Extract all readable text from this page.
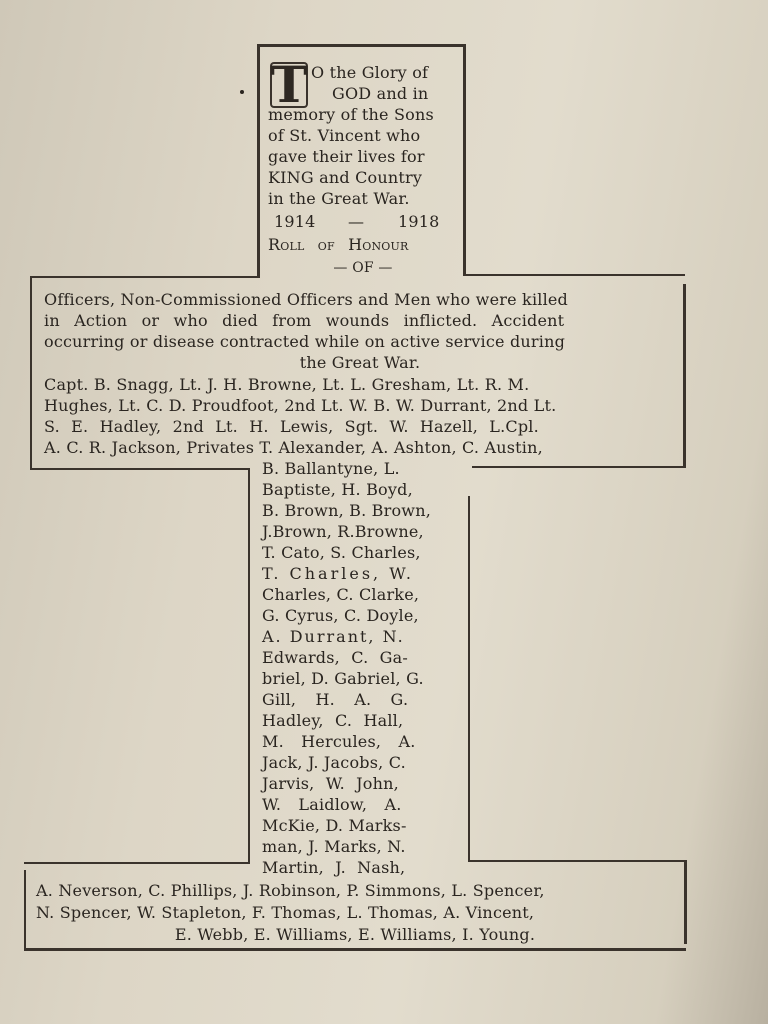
T O the Glory of
GOD and in
memory of the Sons
of St. Vincent who
gave their lives for
KING and Country
in the Great War.
1914 — 1918
Roll of Honour
— OF —
Officers, Non-Commissioned Officers and Men who were killed
in Action or who died from wounds inflicted. Accident
occurring or disease contracted while on active service during
the Great War.
Capt. B. Snagg, Lt. J. H. Browne, Lt. L. Gresham, Lt. R. M.
Hughes, Lt. C. D. Proudfoot, 2nd Lt. W. B. W. Durrant, 2nd Lt.
S. E. Hadley, 2nd Lt. H. Lewis, Sgt. W. Hazell, L.Cpl.
A. C. R. Jackson, Privates T. Alexander, A. Ashton, C. Austin,
B. Ballantyne, L.
Baptiste, H. Boyd,
B. Brown, B. Brown,
J.Brown, R.Browne,
T. Cato, S. Charles,
T. Charles, W.
Charles, C. Clarke,
G. Cyrus, C. Doyle,
A. Durrant, N.
Edwards, C. Ga-
briel, D. Gabriel, G.
Gill, H. A. G.
Hadley, C. Hall,
M. Hercules, A.
Jack, J. Jacobs, C.
Jarvis, W. John,
W. Laidlow, A.
McKie, D. Marks-
man, J. Marks, N.
Martin, J. Nash,
A. Neverson, C. Phillips, J. Robinson, P. Simmons, L. Spencer,
N. Spencer, W. Stapleton, F. Thomas, L. Thomas, A. Vincent,
E. Webb, E. Williams, E. Williams, I. Young.
